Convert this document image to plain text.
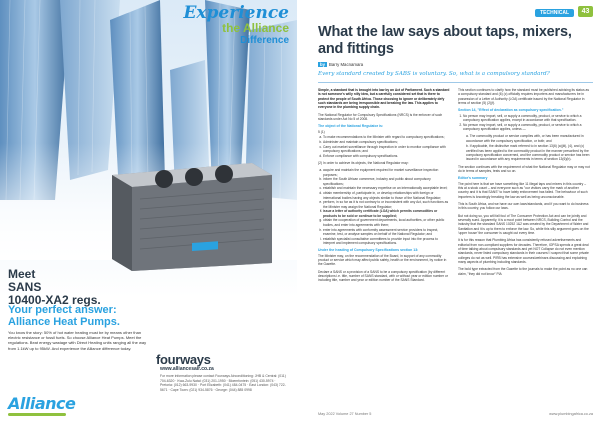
Experience
the Alliance
Difference
Meet
SANS
10400-XA2 regs.
Your perfect answer:
Alliance Heat Pumps.
You know the story: 50% of hot water heating must be by means other than electric resistance or fossil fuels. So choose Alliance Heat Pumps. Meet the regulations. Beat energy wastage with Direct Heating units ranging all the way from 1.1kW up to 95kW. And experience the Alliance difference today.
fourways
www.alliancesair.co.za
For more information please contact Fourways Airconditioning: JHB & Central: (011) 704-6320 · Kwa-Zulu Natal: (031) 201-1950 · Bloemfontein: (051) 430-5974 · Pretoria: (012) 663-9930 · Port Elizabeth: (041) 484-0475 · East London: (043) 722-5671 · Cape Town: (021) 934-5876 · George: (044) 885 0998
Alliance
TECHNICAL	43
What the law says about taps, mixers, and fittings
by Barry Macnamara
Every standard created by SABS is voluntary. So, what is a compulsory standard?

Simple, a standard that is brought into law by an Act of Parliament. Such a standard is not someone's willy nilly idea, but a carefully considered set that is there to protect the people of South Africa. Those choosing to ignore or deliberately defy such standards are being irresponsible and breaking the law. This applies to everyone in the plumbing supply chain.

The National Regulator for Compulsory Specifications (NRCS) is the enforcer of such standards under Act No 5 of 2008.

The object of the National Regulator is:

5 (1)

a. To make recommendations to the Minister with regard to compulsory specifications;
b. Administer and maintain compulsory specifications;
c. Carry out market surveillance through inspection in order to monitor compliance with compulsory specifications; and
d. Enforce compliance with compulsory specifications.

(2) In order to achieve its objects, the National Regulator may:

a. acquire and maintain the equipment required for market surveillance inspection purposes;
b. inform the South African commerce, industry and public about compulsory specifications;
c. establish and maintain the necessary expertise on an internationally acceptable level;
d. obtain membership of, participate in, or develop relationships with foreign or international bodies having any objects similar to those of the National Regulator;
e. perform, in so far as it is not contrary to or inconsistent with any Act, such functions as the Minister may assign the National Regulator;
f. issue a letter of authority certificate (LOA) which permits commodities or products to be sold or continue to be supplied;
g. obtain the cooperation of government departments, local authorities, or other public bodies, and enter into agreements with them;
h. enter into agreements with conformity assessment service providers to inspect, examine, test, or analyse samples on behalf of the National Regulator; and
i. establish specialist consultative committees to provide input into the process to interpret and implement compulsory specifications.
Under the heading of Compulsory Specifications section 13:

The Minister may, on the recommendation of the Board, in support of any commodity product or service which may affect public safety, health or the environment, by notice in the Gazette.

Declare a SANS or a provision of a SANS to be a compulsory specification (by different descriptions i.e. title, number of SANS standard, with or without year or edition number or including title, number and year or edition number of the SANS Standard.

This section continues to clarify how the standard must be published advising its status as a compulsory standard and (6) (c) officially requires importers and manufacturers be in possession of a Letter of Authority (LOA) certificate issued by the National Regulator in terms of section (5) (2)(f).

Section 14, "Effect of declaration as compulsory specification."
1. No person may import, sell, or supply a commodity, product, or service to which a compulsory specification applies, except in accordance with that specification.
2. No person may import, sell, or supply a commodity, product, or service to which a compulsory specification applies, unless —

a. The commodity product or service complies with, or has been manufactured in accordance with the compulsory specification, or both; and

b. If applicable, the distinctive mark referred to in section 13(6) (a)(iii), (4), and (c) certified has been applied to the commodity product in the manner prescribed by the compulsory specification concerned, and the commodity product or service has been issued in accordance with any requirements in terms of section 13(6)(b).

The section continues with the requirement of what the National Regulator may or may not do in terms of samples, tests and so on.

Editor's summary

The point here is that we have something like 11 illegal taps and mixers in this country – this at a stock count – and everyone such as "our visitors carry the mark of another country and it is that SANS" to have lately enforcement has failed. The behaviour of such importers is knowingly breaking the law as well as being unconscionable.

This is South Africa, and we have our own laws/standards, and if you want to do business in this country, you follow our laws.

But not doing so, you will fall foul of The Consumer Protection Act and can be jointly and severally sued. Apparently, it is a moot point between NRCS, Building Control and the industry that the standard SANS 10252 1&2 was created by the Department of Water and Sanitation and it is up to them to enforce the law. So, while this silly argument goes on the 'upper house' the consumer is caught out every time.

It is for this reason that Plumbing Africa has consistently refused advertisements and editorial from non-compliant suppliers for decades. Therefore, IOPSA spends a great deal of time talking about compulsory standards and yet NOT Collapse do not even mention standards, never listed compulsory standards in their courses! I suspect that some private colleges do not as well. PIRB has extensive courses/webinars discussing and explaining many aspects of plumbing including standards.

The bold type extracted from the Gazette to the journals to make the point as no one can claim, "they did not know" PIA

May 2022 Volume 27 Number 5	www.plumbingafrica.co.za
